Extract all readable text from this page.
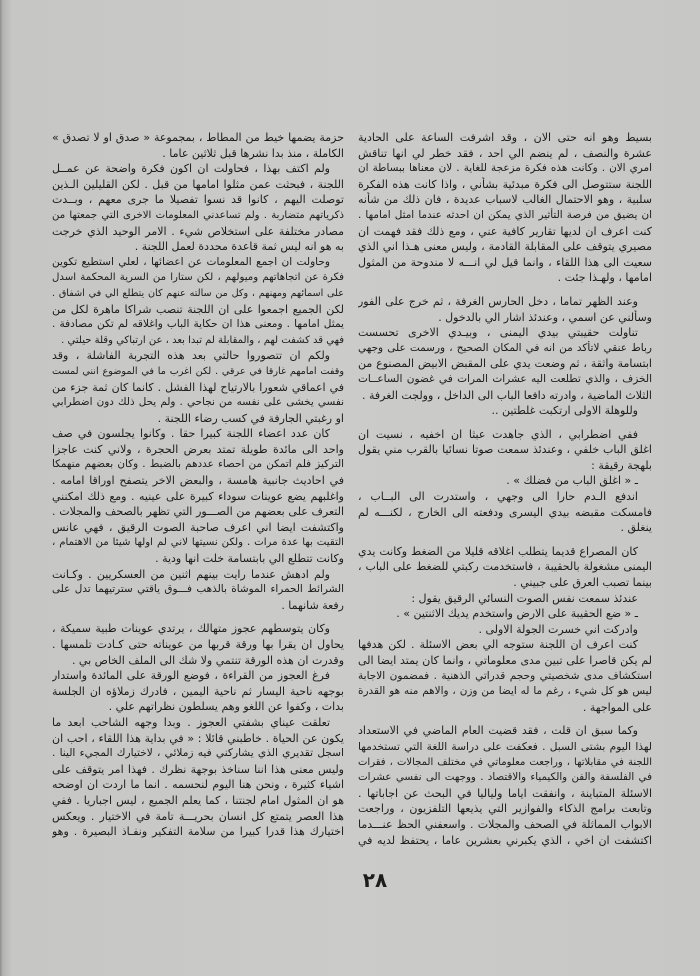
بسيط وهو انه حتى الان ، وقد اشرفت الساعة على الحادية
عشرة والنصف ، لم ينضم الي احد ، فقد خطر لي انها تناقش
امري الان . وكانت هذه فكرة مزعجة للغاية . لان معناها ببساطة ان
اللجنة ستتوصل الى فكرة مبدئية بشأني ، واذا كانت هذه الفكرة
سلبية ، وهو الاحتمال الغالب لاسباب عديدة ، فان ذلك من شأنه
ان يضيق من فرصة التأثير الذي يمكن ان احدثه عندما امثل امامها .
كنت اعرف ان لديها تقارير كافية عني ، ومع ذلك فقد فهمت ان
مصيري يتوقف على المقابلة القادمة ، وليس معنى هـذا اني الذي
سعيت الى هذا اللقاء ، وانما قيل لي انـــه لا مندوحة من المثول
امامها ، ولهـذا جئت .
وعند الظهر تماما ، دخل الحارس الغرفة ، ثم خرج على الفور
وسألني عن اسمي ، وعندئذ اشار الي بالدخول .
تناولت حقيبتي بيدي اليمنى ، وبيـدي الاخرى تحسست
رباط عنقي لاتأكد من انه في المكان الصحيح ، ورسمت على وجهي
ابتسامة واثقة ، ثم وضعت يدي على المقبض الابيض المصنوع من
الخزف ، والذي تطلعت اليه عشرات المرات في غضون الساعــات
الثلاث الماضية ، وادرته دافعا الباب الى الداخل ، وولجت الغرفة .
وللوهلة الاولى ارتكبت غلطتين ..
ففي اضطرابي ، الذي جاهدت عبثا ان اخفيه ، نسيت ان
اغلق الباب خلفي ، وعندئذ سمعت صوتا نسائيا بالقرب مني يقول
بلهجة رقيقة :
ـ « اغلق الباب من فضلك » .
اندفع الـدم حارا الى وجهي ، واستدرت الى البــاب ،
فامسكت مقبضه بيدي اليسرى ودفعته الى الخارج ، لكنـــه لم
ينغلق .
كان المصراع قديما يتطلب اغلاقه قليلا من الضغط وكانت يدي
اليمنى مشغولة بالحقيبة ، فاستخدمت ركبتي للضغط على الباب ،
بينما تصبب العرق على جبيني .
عندئذ سمعت نفس الصوت النسائي الرقيق يقول :
ـ « ضع الحقيبة على الارض واستخدم يديك الاثنتين » .
وادركت اني خسرت الجولة الاولى .
كنت اعرف ان اللجنة ستوجه الي بعض الاسئلة . لكن هدفها
لم يكن قاصرا على تبين مدى معلوماتي ، وانما كان يمتد ايضا الى
استكشاف مدى شخصيتي وحجم قدراتي الذهنية . فمضمون الاجابة
ليس هو كل شيء ، رغم ما له ايضا من وزن ، والاهم منه هو القدرة
على المواجهة .
وكما سبق ان قلت ، فقد قضيت العام الماضي في الاستعداد
لهذا اليوم بشتى السبل . فعكفت على دراسة اللغة التي تستخدمها
اللجنة في مقابلاتها ، وراجعت معلوماتي في مختلف المجالات ، فقرات
في الفلسفة والفن والكيمياء والاقتصاد . ووجهت الى نفسي عشرات
الاسئلة المتباينة ، وانفقت اياما ولياليا في البحث عن اجاباتها .
وتابعت برامج الذكاء والفوازير التي يذيعها التلفزيون ، وراجعت
الابواب المماثلة في الصحف والمجلات . واسعفني الحظ عنـــدما
اكتشفت ان اخي ، الذي يكبرني بعشرين عاما ، يحتفظ لديه في
حزمة يضمها خيط من المطاط ، بمجموعة « صدق او لا تصدق »
الكاملة ، منذ بدا نشرها قبل ثلاثين عاما .
ولم اكتف بهذا ، فحاولت ان اكون فكرة واضحة عن عمــل
اللجنة ، فبحثت عمن مثلوا امامها من قبل . لكن القليلين الـذين
توصلت اليهم ، كانوا قد نسوا تفصيلا ما جرى معهم ، وبــدت
ذكرياتهم متضاربة . ولم تساعدني المعلومات الاخرى التي جمعتها من
مصادر مختلفة على استخلاص شيء . الامر الوحيد الذي خرجت
به هو انه ليس ثمة قاعدة محددة لعمل اللجنة .
وحاولت ان اجمع المعلومات عن اعضائها ، لعلي استطيع تكوين
فكرة عن اتجاهاتهم وميولهم ، لكن ستارا من السرية المحكمة اسدل
على اسمائهم ومهنهم ، وكل من سالته عنهم كان يتطلع الي في اشفاق .
لكن الجميع اجمعوا على ان اللجنة تنصب شراكا ماهرة لكل من
يمثل امامها . ومعنى هذا ان حكاية الباب واغلاقه لم تكن مصادفة .
فهي قد كشفت لهم ، والمقابلة لم تبدا بعد ، عن ارتباكي وقلة حيلتي .
ولكم ان تتصوروا حالتي بعد هذه التجربة الفاشلة ، وقد
وقفت امامهم غارقا في عرقي . لكن اغرب ما في الموضوع انني لمست
في اعماقي شعورا بالارتياح لهذا الفشل . كانما كان ثمة جزء من
نفسي يخشى على نفسه من نجاحي . ولم يحل ذلك دون اضطرابي
او رغبتي الجارفة في كسب رضاء اللجنة .
كان عدد اعضاء اللجنة كبيرا حقا . وكانوا يجلسون في صف
واحد الى مائدة طويلة تمتد بعرض الحجرة ، ولاني كنت عاجزا
التركيز فلم اتمكن من احصاء عددهم بالضبط . وكان بعضهم منهمكا
في احاديث جانبية هامسة ، والبعض الاخر يتصفح اوراقا امامه .
واغلبهم يضع عوينات سوداء كبيرة على عينيه . ومع ذلك امكنني
التعرف على بعضهم من الصـــور التي تظهر بالصحف والمجلات .
واكتشفت ايضا اني اعرف صاحبة الصوت الرقيق ، فهي عانس
التقيت بها عدة مرات . ولكن نسيتها لاني لم اولها شيئا من الاهتمام ،
وكانت تتطلع الي بابتسامة خلت انها ودية .
ولم ادهش عندما رايت بينهم اثنين من العسكريين . وكـانت
الشرائط الحمراء الموشاة بالذهب فـــوق ياقتي سترتيهما تدل على
رفعة شانهما .
وكان يتوسطهم عجوز متهالك ، يرتدي عوينات طبية سميكة ،
يحاول ان يقرا بها ورقة قربها من عويناته حتى كـادت تلمسها .
وقدرت ان هذه الورقة تنتمي ولا شك الى الملف الخاص بي .
فرغ العجوز من القراءة ، فوضع الورقة على المائدة واستدار
بوجهه ناحية اليسار ثم ناحية اليمين ، فادرك زملاؤه ان الجلسة
بدات ، وكفوا عن اللغو وهم يسلطون نظراتهم علي .
تعلقت عيناي بشفتي العجوز . وبدا وجهه الشاحب ابعد ما
يكون عن الحياة . خاطبني قائلا : « في بداية هذا اللقاء ، احب ان
اسجل تقديري الذي يشاركني فيه زملائي ، لاختيارك المجيء الينا .
وليس معنى هذا اننا سناخذ بوجهة نظرك . فهذا امر يتوقف على
اشياء كثيرة ، ونحن هنا اليوم لنحسمه . انما ما اردت ان اوضحه
هو ان المثول امام لجنتنا ، كما يعلم الجميع ، ليس اجباريا . ففي
هذا العصر يتمتع كل انسان بحريـــة تامة في الاختيار . ويعكس
اختيارك هذا قدرا كبيرا من سلامة التفكير ونفـاذ البصيرة . وهو
٢٨
